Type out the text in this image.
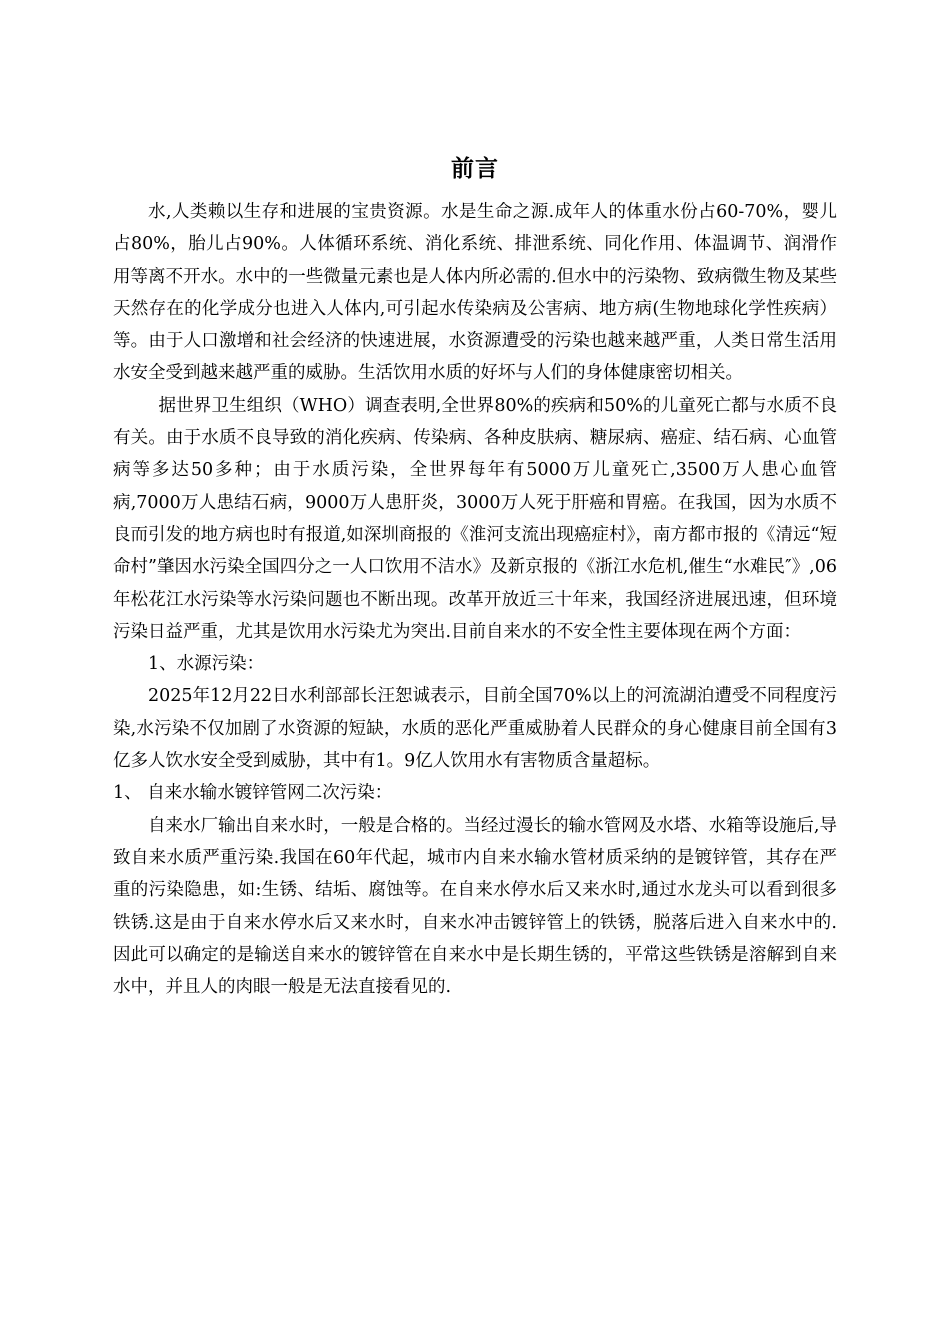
前言

水,人类赖以生存和进展的宝贵资源。水是生命之源.成年人的体重水份占60-70%，婴儿占80%，胎儿占90%。人体循环系统、消化系统、排泄系统、同化作用、体温调节、润滑作用等离不开水。水中的一些微量元素也是人体内所必需的.但水中的污染物、致病微生物及某些天然存在的化学成分也进入人体内,可引起水传染病及公害病、地方病(生物地球化学性疾病）等。由于人口激增和社会经济的快速进展，水资源遭受的污染也越来越严重，人类日常生活用水安全受到越来越严重的威胁。生活饮用水质的好坏与人们的身体健康密切相关。

据世界卫生组织（WHO）调查表明,全世界80%的疾病和50%的儿童死亡都与水质不良有关。由于水质不良导致的消化疾病、传染病、各种皮肤病、糖尿病、癌症、结石病、心血管病等多达50多种；由于水质污染，全世界每年有5000万儿童死亡,3500万人患心血管病,7000万人患结石病，9000万人患肝炎，3000万人死于肝癌和胃癌。在我国，因为水质不良而引发的地方病也时有报道,如深圳商报的《淮河支流出现癌症村》，南方都市报的《清远“短命村”肇因水污染全国四分之一人口饮用不洁水》及新京报的《浙江水危机,催生“水难民″》,06年松花江水污染等水污染问题也不断出现。改革开放近三十年来，我国经济进展迅速，但环境污染日益严重，尤其是饮用水污染尤为突出.目前自来水的不安全性主要体现在两个方面：

1、水源污染：

2025年12月22日水利部部长汪恕诚表示，目前全国70%以上的河流湖泊遭受不同程度污染,水污染不仅加剧了水资源的短缺，水质的恶化严重威胁着人民群众的身心健康目前全国有3亿多人饮水安全受到威胁，其中有1。9亿人饮用水有害物质含量超标。

1、 自来水输水镀锌管网二次污染：

自来水厂输出自来水时，一般是合格的。当经过漫长的输水管网及水塔、水箱等设施后,导致自来水质严重污染.我国在60年代起，城市内自来水输水管材质采纳的是镀锌管，其存在严重的污染隐患，如:生锈、结垢、腐蚀等。在自来水停水后又来水时,通过水龙头可以看到很多铁锈.这是由于自来水停水后又来水时，自来水冲击镀锌管上的铁锈，脱落后进入自来水中的.因此可以确定的是输送自来水的镀锌管在自来水中是长期生锈的，平常这些铁锈是溶解到自来水中，并且人的肉眼一般是无法直接看见的.
